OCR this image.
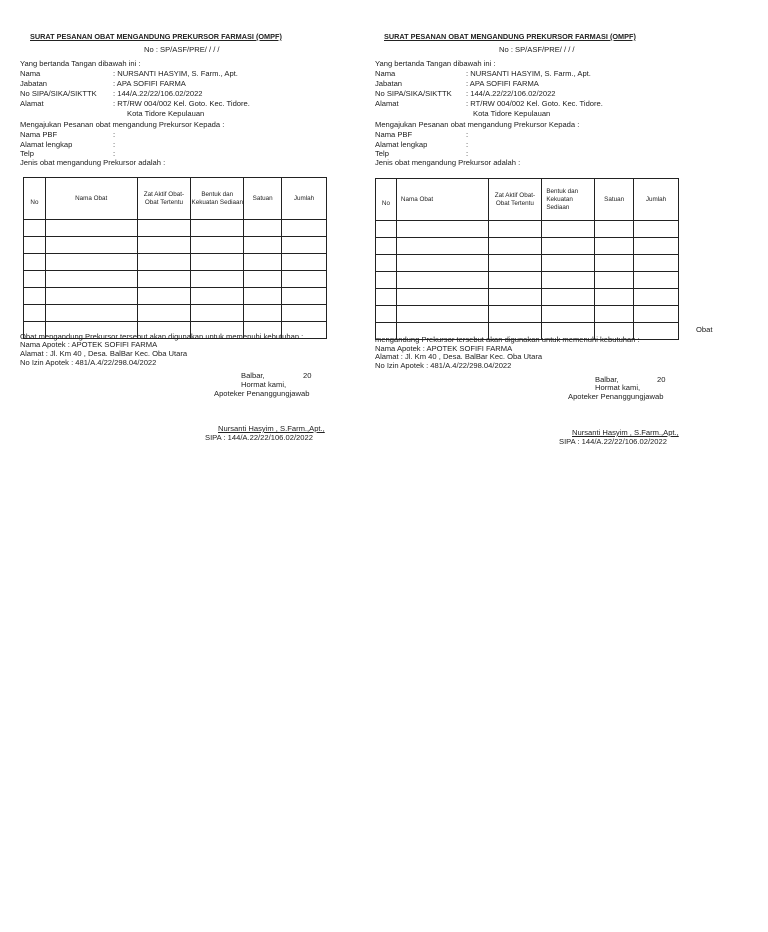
SURAT PESANAN OBAT MENGANDUNG PREKURSOR FARMASI (OMPF)
No : SP/ASF/PRE/ / / /
Yang bertanda Tangan dibawah ini :
Nama	: NURSANTI HASYIM, S. Farm., Apt.
Jabatan	: APA SOFIFI FARMA
No SIPA/SIKA/SIKTTK : 144/A.22/22/106.02/2022
Alamat	: RT/RW 004/002 Kel. Goto. Kec. Tidore.
Kota Tidore Kepulauan
Mengajukan Pesanan obat mengandung Prekursor Kepada :
Nama PBF	:
Alamat lengkap	:
Telp	:
Jenis obat mengandung Prekursor adalah :
No	Nama Obat	Zat Aktif Obat-Obat Tertentu	Bentuk dan Kekuatan Sediaan	Satuan	Jumlah

Obat mengandung Prekursor tersebut akan digunakan untuk memenuhi kebutuhan :
Nama Apotek : APOTEK SOFIFI FARMA
Alamat : Jl. Km 40 , Desa. BalBar Kec. Oba Utara
No Izin Apotek : 481/A.4/22/298.04/2022
Balbar,	20
Hormat kami,
Apoteker Penanggungjawab
Nursanti Hasyim , S.Farm.,Apt.,
SIPA : 144/A.22/22/106.02/2022
SURAT PESANAN OBAT MENGANDUNG PREKURSOR FARMASI (OMPF)
No : SP/ASF/PRE/ / / /
Yang bertanda Tangan dibawah ini :
Nama	: NURSANTI HASYIM, S. Farm., Apt.
Jabatan	: APA SOFIFI FARMA
No SIPA/SIKA/SIKTTK : 144/A.22/22/106.02/2022
Alamat	: RT/RW 004/002 Kel. Goto. Kec. Tidore.
Kota Tidore Kepulauan
Mengajukan Pesanan obat mengandung Prekursor Kepada :
Nama PBF	:
Alamat lengkap	:
Telp	:
Jenis obat mengandung Prekursor adalah :
No	Nama Obat	Zat Aktif Obat-Obat Tertentu	Bentuk dan Kekuatan Sediaan	Satuan	Jumlah

Obat
mengandung Prekursor tersebut akan digunakan untuk memenuhi kebutuhan :
Nama Apotek : APOTEK SOFIFI FARMA
Alamat : Jl. Km 40 , Desa. BalBar Kec. Oba Utara
No Izin Apotek : 481/A.4/22/298.04/2022
Balbar,	20
Hormat kami,
Apoteker Penanggungjawab
Nursanti Hasyim , S.Farm.,Apt.,
SIPA : 144/A.22/22/106.02/2022
